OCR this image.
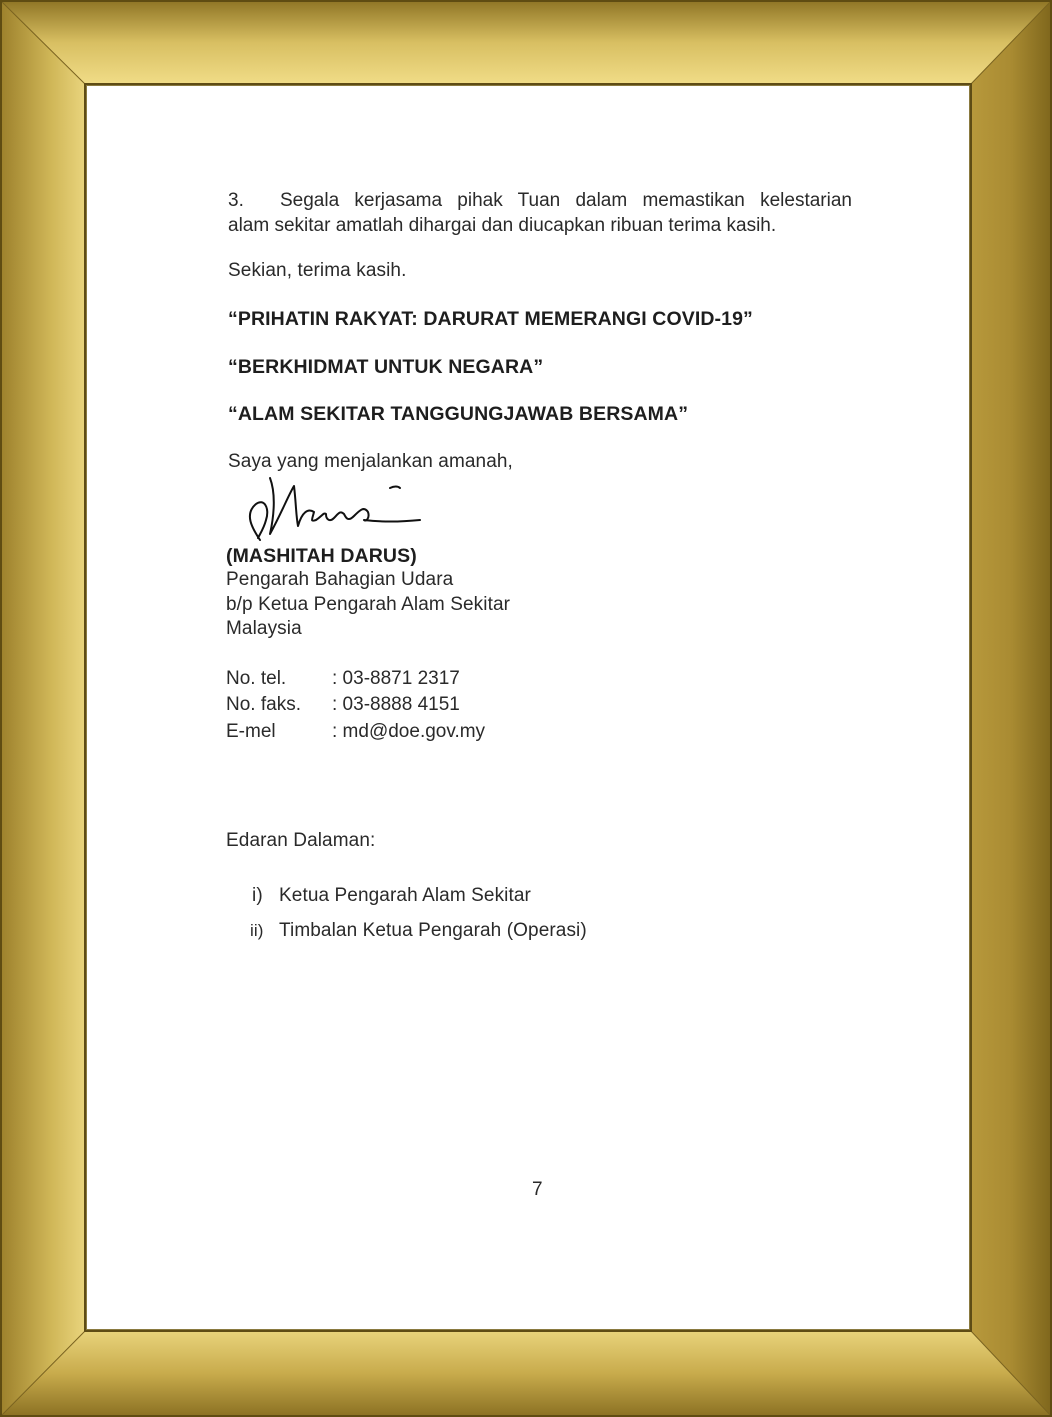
3.	Segala kerjasama pihak Tuan dalam memastikan kelestarian
alam sekitar amatlah dihargai dan diucapkan ribuan terima kasih.
Sekian, terima kasih.
“PRIHATIN RAKYAT: DARURAT MEMERANGI COVID-19”
“BERKHIDMAT UNTUK NEGARA”
“ALAM SEKITAR TANGGUNGJAWAB BERSAMA”
Saya yang menjalankan amanah,
(MASHITAH DARUS)
Pengarah Bahagian Udara
b/p Ketua Pengarah Alam Sekitar
Malaysia
No. tel. : 03-8871 2317
No. faks. : 03-8888 4151
E-mel	: md@doe.gov.my
Edaran Dalaman:
i) Ketua Pengarah Alam Sekitar
ii) Timbalan Ketua Pengarah (Operasi)
7
